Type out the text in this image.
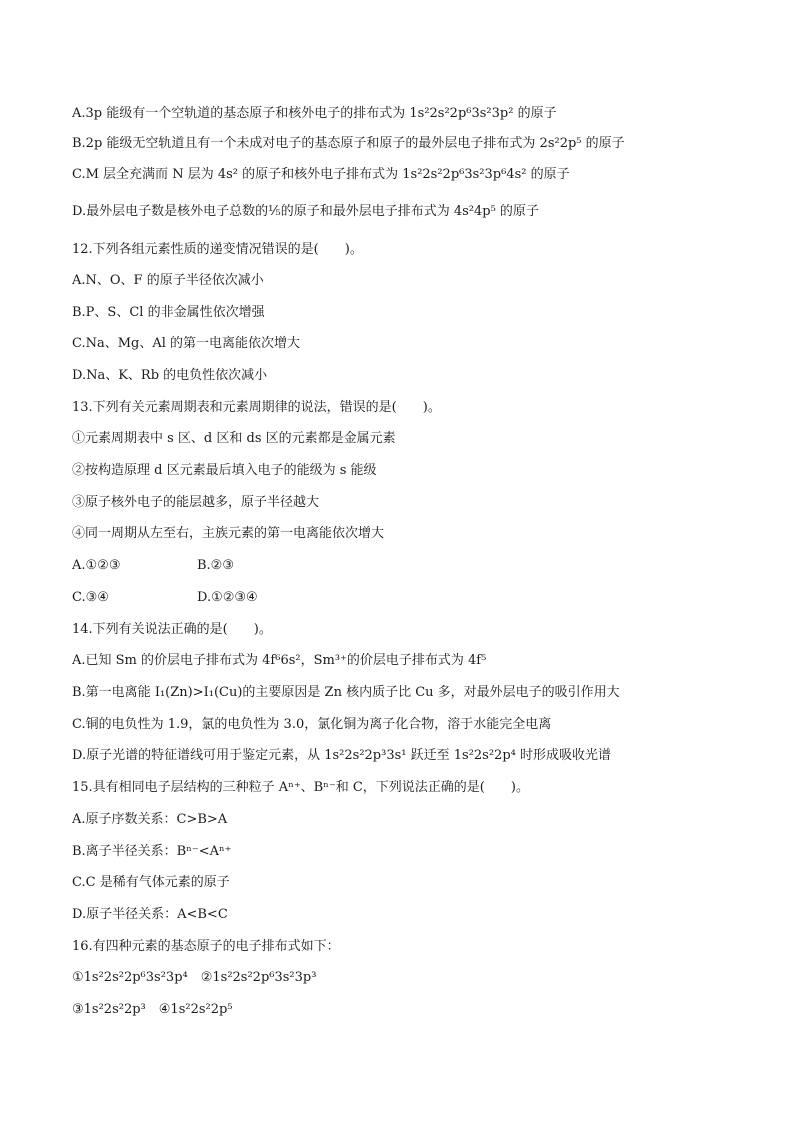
A.3p 能级有一个空轨道的基态原子和核外电子的排布式为 1s²2s²2p⁶3s²3p² 的原子
B.2p 能级无空轨道且有一个未成对电子的基态原子和原子的最外层电子排布式为 2s²2p⁵ 的原子
C.M 层全充满而 N 层为 4s² 的原子和核外电子排布式为 1s²2s²2p⁶3s²3p⁶4s² 的原子
D.最外层电子数是核外电子总数的⅕的原子和最外层电子排布式为 4s²4p⁵ 的原子
12.下列各组元素性质的递变情况错误的是(　　)。
A.N、O、F 的原子半径依次减小
B.P、S、Cl 的非金属性依次增强
C.Na、Mg、Al 的第一电离能依次增大
D.Na、K、Rb 的电负性依次减小
13.下列有关元素周期表和元素周期律的说法，错误的是(　　)。
①元素周期表中 s 区、d 区和 ds 区的元素都是金属元素
②按构造原理 d 区元素最后填入电子的能级为 s 能级
③原子核外电子的能层越多，原子半径越大
④同一周期从左至右，主族元素的第一电离能依次增大
A.①②③	B.②③
C.③④	D.①②③④
14.下列有关说法正确的是(　　)。
A.已知 Sm 的价层电子排布式为 4f⁶6s²，Sm³⁺的价层电子排布式为 4f⁵
B.第一电离能 I₁(Zn)>I₁(Cu)的主要原因是 Zn 核内质子比 Cu 多，对最外层电子的吸引作用大
C.铜的电负性为 1.9，氯的电负性为 3.0，氯化铜为离子化合物，溶于水能完全电离
D.原子光谱的特征谱线可用于鉴定元素，从 1s²2s²2p³3s¹ 跃迁至 1s²2s²2p⁴ 时形成吸收光谱
15.具有相同电子层结构的三种粒子 Aⁿ⁺、Bⁿ⁻和 C，下列说法正确的是(　　)。
A.原子序数关系：C>B>A
B.离子半径关系：Bⁿ⁻<Aⁿ⁺
C.C 是稀有气体元素的原子
D.原子半径关系：A<B<C
16.有四种元素的基态原子的电子排布式如下：
①1s²2s²2p⁶3s²3p⁴　②1s²2s²2p⁶3s²3p³
③1s²2s²2p³　④1s²2s²2p⁵
